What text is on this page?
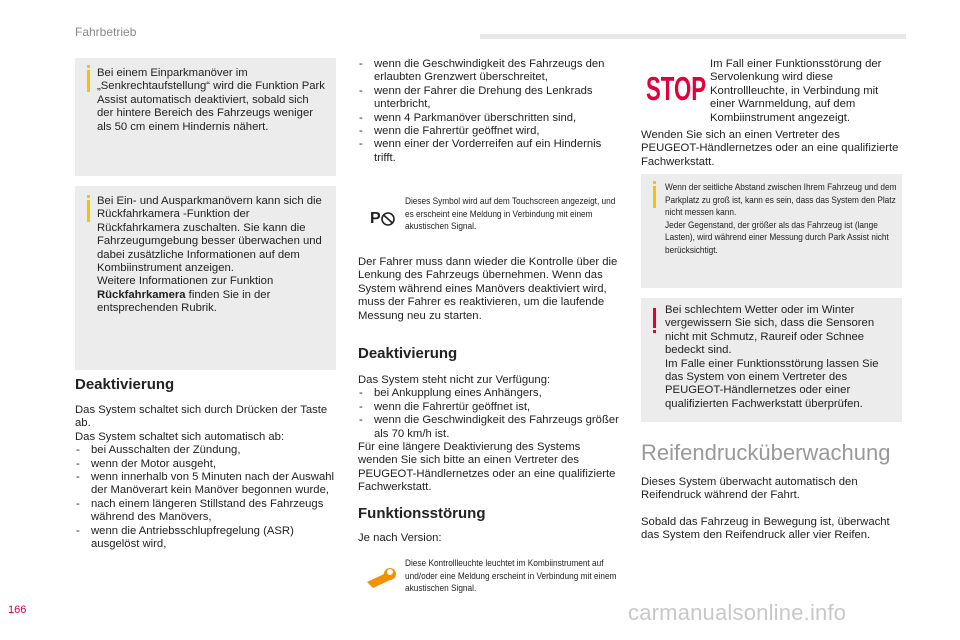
Fahrbetrieb

Bei einem Einparkmanöver im „Senkrechtaufstellung“ wird die Funktion Park Assist automatisch deaktiviert, sobald sich der hintere Bereich des Fahrzeugs weniger als 50 cm einem Hindernis nähert.

Bei Ein- und Ausparkmanövern kann sich die Rückfahrkamera -Funktion der Rückfahrkamera zuschalten. Sie kann die Fahrzeugumgebung besser überwachen und dabei zusätzliche Informationen auf dem Kombiinstrument anzeigen.

Weitere Informationen zur Funktion Rückfahrkamera finden Sie in der entsprechenden Rubrik.

Deaktivierung

Das System schaltet sich durch Drücken der Taste ab.

Das System schaltet sich automatisch ab:

- bei Ausschalten der Zündung,
- wenn der Motor ausgeht,
- wenn innerhalb von 5 Minuten nach der Auswahl der Manöverart kein Manöver begonnen wurde,
- nach einem längeren Stillstand des Fahrzeugs während des Manövers,
- wenn die Antriebsschlupfregelung (ASR) ausgelöst wird,
- wenn die Geschwindigkeit des Fahrzeugs den erlaubten Grenzwert überschreitet,
- wenn der Fahrer die Drehung des Lenkrads unterbricht,
- wenn 4 Parkmanöver überschritten sind,
- wenn die Fahrertür geöffnet wird,
- wenn einer der Vorderreifen auf ein Hindernis trifft.
P
Dieses Symbol wird auf dem Touchscreen angezeigt, und es erscheint eine Meldung in Verbindung mit einem akustischen Signal.

Der Fahrer muss dann wieder die Kontrolle über die Lenkung des Fahrzeugs übernehmen. Wenn das System während eines Manövers deaktiviert wird, muss der Fahrer es reaktivieren, um die laufende Messung neu zu starten.

Deaktivierung

Das System steht nicht zur Verfügung:

- bei Ankupplung eines Anhängers,
- wenn die Fahrertür geöffnet ist,
- wenn die Geschwindigkeit des Fahrzeugs größer als 70 km/h ist.

Für eine längere Deaktivierung des Systems wenden Sie sich bitte an einen Vertreter des PEUGEOT-Händlernetzes oder an eine qualifizierte Fachwerkstatt.

Funktionsstörung

Je nach Version:

Diese Kontrollleuchte leuchtet im Kombiinstrument auf und/oder eine Meldung erscheint in Verbindung mit einem akustischen Signal.
STOP

Im Fall einer Funktionsstörung der Servolenkung wird diese Kontrollleuchte, in Verbindung mit einer Warnmeldung, auf dem Kombiinstrument angezeigt.

Wenden Sie sich an einen Vertreter des PEUGEOT-Händlernetzes oder an eine qualifizierte Fachwerkstatt.

Wenn der seitliche Abstand zwischen Ihrem Fahrzeug und dem Parkplatz zu groß ist, kann es sein, dass das System den Platz nicht messen kann.

Jeder Gegenstand, der größer als das Fahrzeug ist (lange Lasten), wird während einer Messung durch Park Assist nicht berücksichtigt.

Bei schlechtem Wetter oder im Winter vergewissern Sie sich, dass die Sensoren nicht mit Schmutz, Raureif oder Schnee bedeckt sind.

Im Falle einer Funktionsstörung lassen Sie das System von einem Vertreter des PEUGEOT-Händlernetzes oder einer qualifizierten Fachwerkstatt überprüfen.

Reifendrucküberwachung

Dieses System überwacht automatisch den Reifendruck während der Fahrt.

Sobald das Fahrzeug in Bewegung ist, überwacht das System den Reifendruck aller vier Reifen.

166	carmanualsonline.info
